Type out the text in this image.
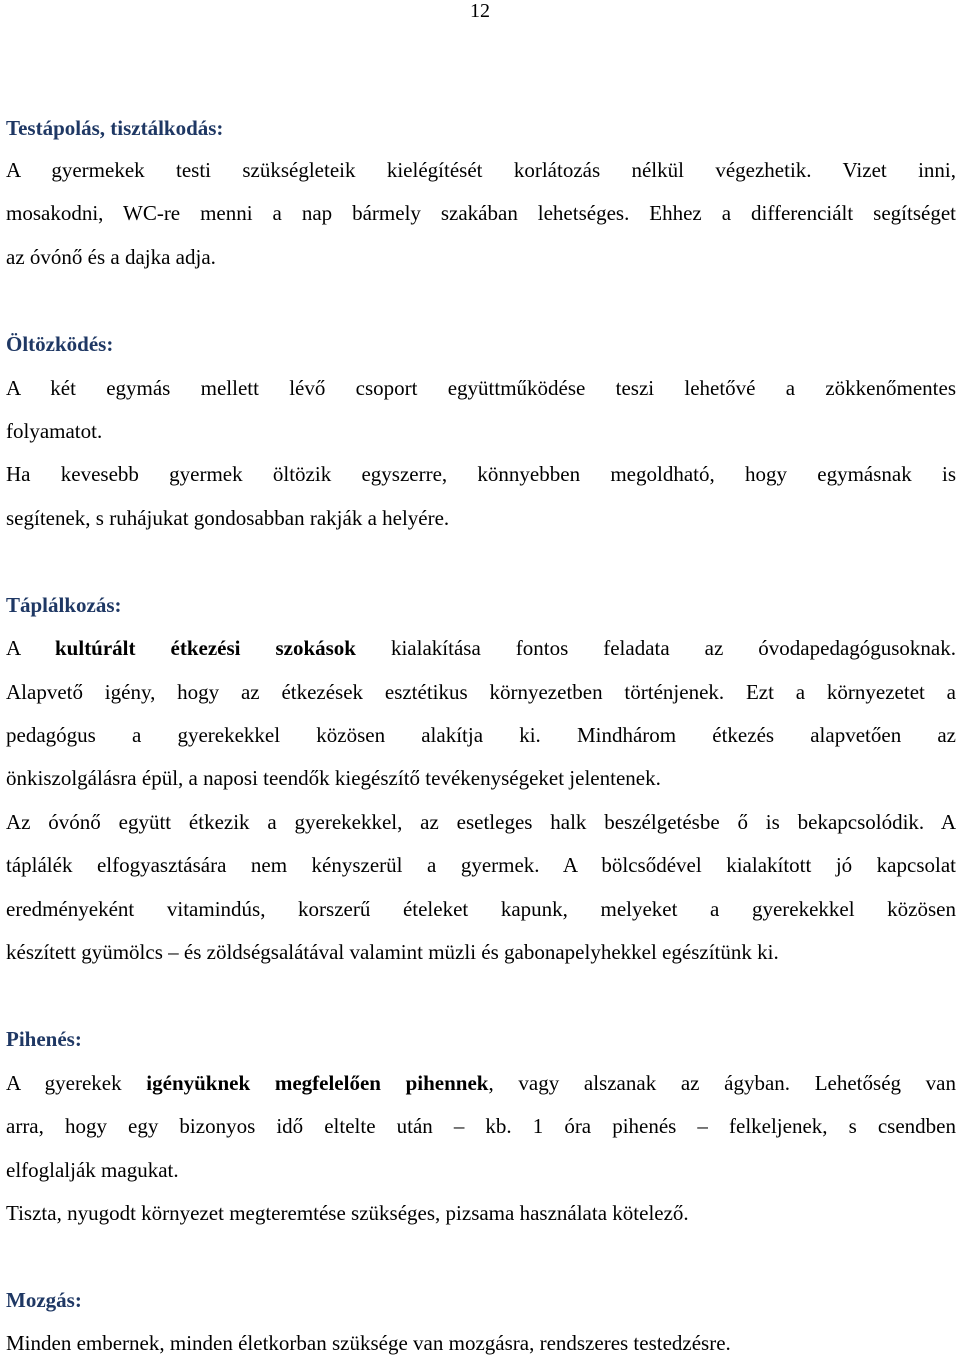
12
Testápolás, tisztálkodás:
A gyermekek testi szükségleteik kielégítését korlátozás nélkül végezhetik. Vizet inni,
mosakodni, WC-re menni a nap bármely szakában lehetséges. Ehhez a differenciált segítséget
az óvónő és a dajka adja.
Öltözködés:
A két egymás mellett lévő csoport együttműködése teszi lehetővé a zökkenőmentes
folyamatot.
Ha kevesebb gyermek öltözik egyszerre, könnyebben megoldható, hogy egymásnak is
segítenek, s ruhájukat gondosabban rakják a helyére.
Táplálkozás:
A kultúrált étkezési szokások kialakítása fontos feladata az óvodapedagógusoknak.
Alapvető igény, hogy az étkezések esztétikus környezetben történjenek. Ezt a környezetet a
pedagógus a gyerekekkel közösen alakítja ki. Mindhárom étkezés alapvetően az
önkiszolgálásra épül, a naposi teendők kiegészítő tevékenységeket jelentenek.
Az óvónő együtt étkezik a gyerekekkel, az esetleges halk beszélgetésbe ő is bekapcsolódik. A
táplálék elfogyasztására nem kényszerül a gyermek. A bölcsődével kialakított jó kapcsolat
eredményeként vitamindús, korszerű ételeket kapunk, melyeket a gyerekekkel közösen
készített gyümölcs – és zöldségsalátával valamint müzli és gabonapelyhekkel egészítünk ki.
Pihenés:
A gyerekek igényüknek megfelelően pihennek, vagy alszanak az ágyban. Lehetőség van
arra, hogy egy bizonyos idő eltelte után – kb. 1 óra pihenés – felkeljenek, s csendben
elfoglalják magukat.
Tiszta, nyugodt környezet megteremtése szükséges, pizsama használata kötelező.
Mozgás:
Minden embernek, minden életkorban szüksége van mozgásra, rendszeres testedzésre.
